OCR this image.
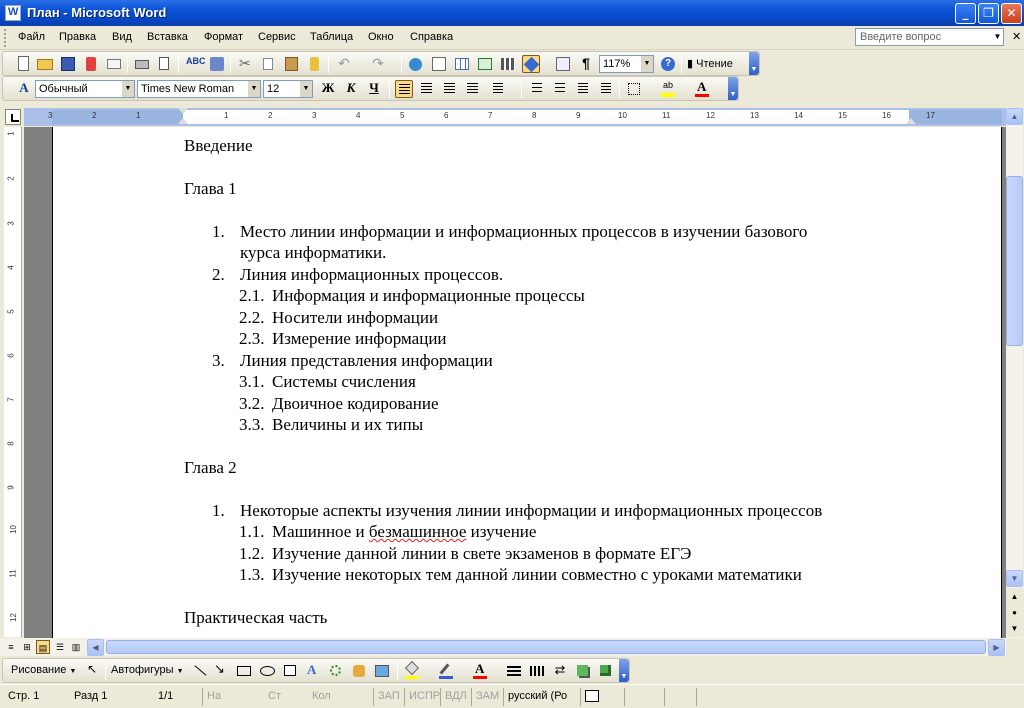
W
План - Microsoft Word	_	❐	✕
Файл Правка Вид Вставка Формат Сервис Таблица Окно Справка	Введите вопрос	▼ ✕
ABC ✂	↶ ↷	¶	117%	▼	?	▮ Чтение	▼
A Обычный	▼ Times New Roman	▼ 12	▼ Ж К	Ч	ab A
▼
3	2	1	1	2	3	4	5	6	7	8	9	10	11	12	13	14	15	16	17
1
2
3
4
5
6
7
8
9
10
11
12
Введение
Глава 1
1. Место линии информации и информационных процессов в изучении базового
курса информатики.
2. Линия информационных процессов.
2.1. Информация и информационные процессы
2.2. Носители информации
2.3. Измерение информации
3. Линия представления информации
3.1. Системы счисления
3.2. Двоичное кодирование
3.3. Величины и их типы
Глава 2
1. Некоторые аспекты изучения линии информации и информационных процессов
1.1. Машинное и безмашинное изучение
1.2. Изучение данной линии в свете экзаменов в формате ЕГЭ
1.3. Изучение некоторых тем данной линии совместно с уроками математики
Практическая часть
▲
▼
▲
●
▼
≡	⊞ ▤ ☰ ▥	◀	▶
Рисование ▼ ↖	Автофигуры ▼ ↘	A	A	⇄	▼
Стр. 1	Разд 1	1/1	На	Ст	Кол	ЗАП ИСПР ВДЛ ЗАМ русский (Ро
